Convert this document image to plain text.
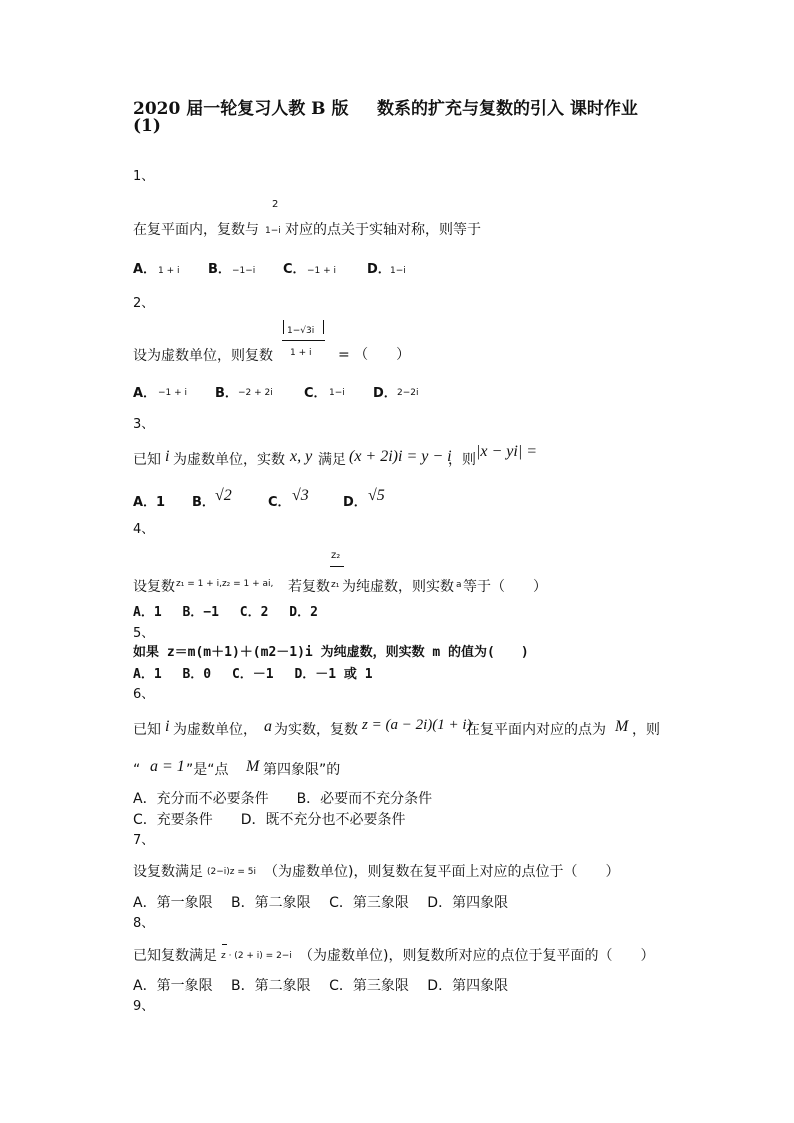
2020 届一轮复习人教 B 版 数系的扩充与复数的引入 课时作业
(1)
1、
2
在复平面内，复数与 1−i 对应的点关于实轴对称，则等于
A． 1 + i B． −1−i C． −1 + i D． 1−i
2、
1−√3i
设为虚数单位，则复数 1 + i = （　　）
A． −1 + i B． −2 + 2i C． 1−i D． 2−2i
3、
已知 i 为虚数单位，实数 x, y 满足 (x + 2i)i = y − i
，则 |x − yi| =
A． 1 B． √2	C． √3	D． √5
4、
z₂
设复数 z₁ = 1 + i,z₂ = 1 + ai, 若复数 z₁ 为纯虚数，则实数 a 等于（　　）
A．1　 B．−1　 C．2　 D．2
5、
如果 z＝m(m＋1)＋(m2－1)i 为纯虚数，则实数 m 的值为(　　)
A．1　 B．0　 C．－1　 D．－1 或 1
6、
已知 i 为虚数单位， a 为实数，复数 z = (a − 2i)(1 + i)
在复平面内对应的点为 M ，则
“ a = 1 ”是“点 M 第四象限”的
A．充分而不必要条件　　B．必要而不充分条件
C．充要条件　　D．既不充分也不必要条件
7、
设复数满足 (2−i)z = 5i （为虚数单位)，则复数在复平面上对应的点位于（　　）
A．第一象限　 B．第二象限　 C．第三象限　 D．第四象限
8、
已知复数满足 z · (2 + i) = 2−i （为虚数单位)，则复数所对应的点位于复平面的（　　）
A．第一象限　 B．第二象限　 C．第三象限　 D．第四象限
9、
